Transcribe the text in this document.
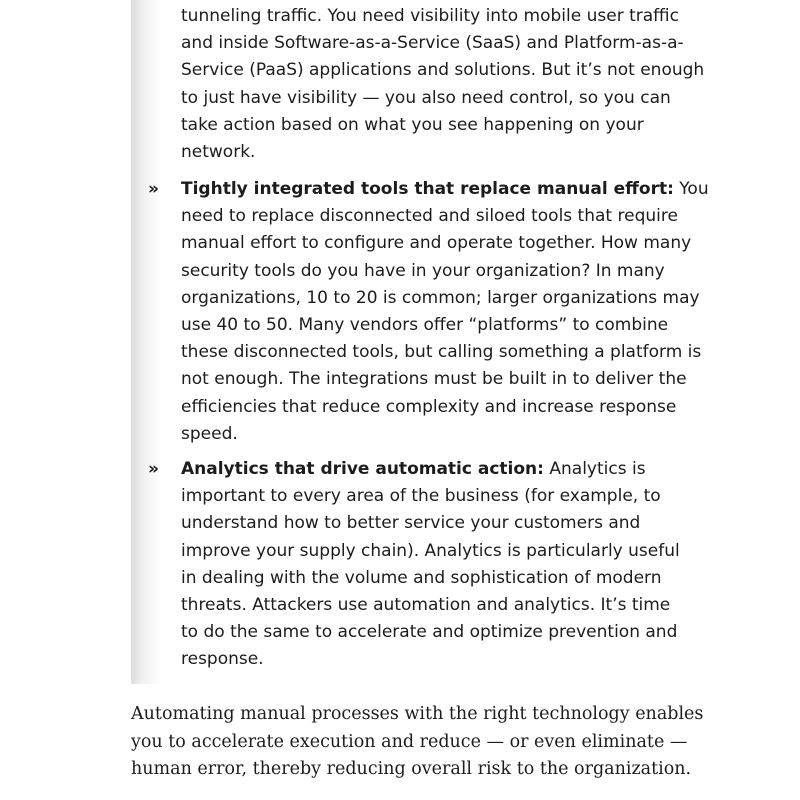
tunneling traffic. You need visibility into mobile user traffic
and inside Software-as-a-Service (SaaS) and Platform-as-a-
Service (PaaS) applications and solutions. But it’s not enough
to just have visibility — you also need control, so you can
take action based on what you see happening on your
network.
» Tightly integrated tools that replace manual effort: You
need to replace disconnected and siloed tools that require
manual effort to configure and operate together. How many
security tools do you have in your organization? In many
organizations, 10 to 20 is common; larger organizations may
use 40 to 50. Many vendors offer “platforms” to combine
these disconnected tools, but calling something a platform is
not enough. The integrations must be built in to deliver the
efficiencies that reduce complexity and increase response
speed.
» Analytics that drive automatic action: Analytics is
important to every area of the business (for example, to
understand how to better service your customers and
improve your supply chain). Analytics is particularly useful
in dealing with the volume and sophistication of modern
threats. Attackers use automation and analytics. It’s time
to do the same to accelerate and optimize prevention and
response.
Automating manual processes with the right technology enables
you to accelerate execution and reduce — or even eliminate —
human error, thereby reducing overall risk to the organization.
